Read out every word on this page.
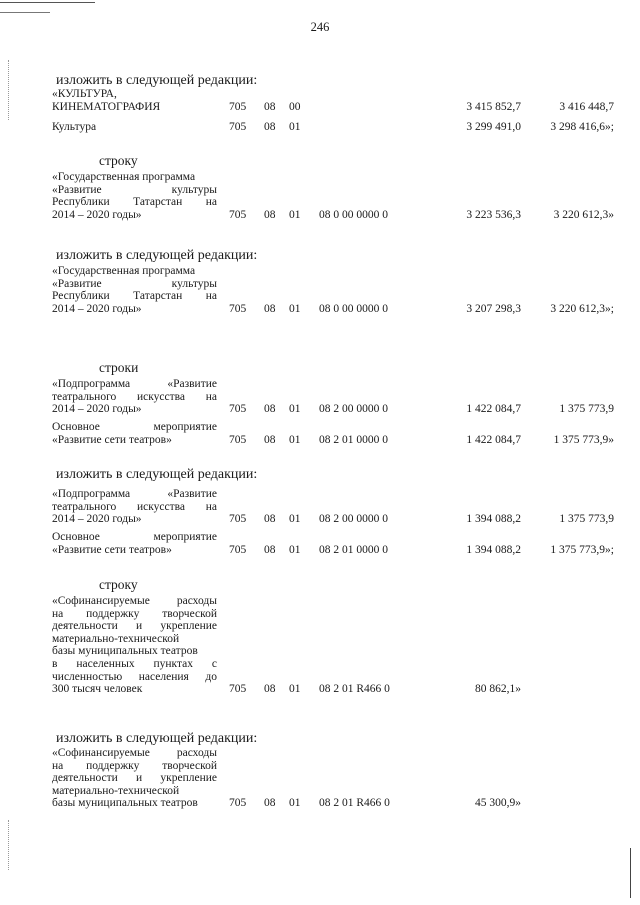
246
изложить в следующей редакции:
«КУЛЬТУРА,
КИНЕМАТОГРАФИЯ	705 08 00	3 415 852,7	3 416 448,7
Культура	705 08 01	3 299 491,0	3 298 416,6»;
строку
«Государственная программа
«Развитие культуры
Республики Татарстан на
2014 – 2020 годы»	705 08 01 08 0 00 0000 0	3 223 536,3	3 220 612,3»
изложить в следующей редакции:
«Государственная программа
«Развитие культуры
Республики Татарстан на
2014 – 2020 годы»	705 08 01 08 0 00 0000 0	3 207 298,3	3 220 612,3»;
строки
«Подпрограмма «Развитие
театрального искусства на
2014 – 2020 годы»	705 08 01 08 2 00 0000 0	1 422 084,7	1 375 773,9
Основное мероприятие
«Развитие сети театров»	705 08 01 08 2 01 0000 0	1 422 084,7	1 375 773,9»
изложить в следующей редакции:
«Подпрограмма «Развитие
театрального искусства на
2014 – 2020 годы»	705 08 01 08 2 00 0000 0	1 394 088,2	1 375 773,9
Основное мероприятие
«Развитие сети театров»	705 08 01 08 2 01 0000 0	1 394 088,2	1 375 773,9»;
строку
«Софинансируемые расходы
на поддержку творческой
деятельности и укрепление
материально-технической
базы муниципальных театров
в населенных пунктах с
численностью населения до
300 тысяч человек	705 08 01 08 2 01 R466 0	80 862,1»
изложить в следующей редакции:
«Софинансируемые расходы
на поддержку творческой
деятельности и укрепление
материально-технической
базы муниципальных театров	705 08 01 08 2 01 R466 0	45 300,9»
